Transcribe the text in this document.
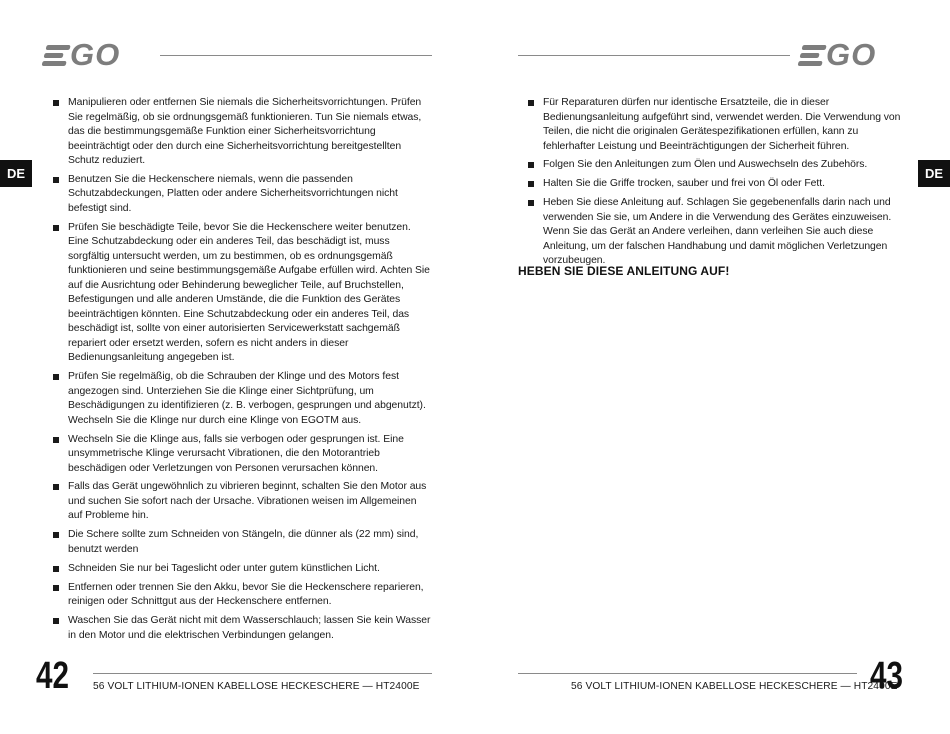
GO	GO
DE	DE
Manipulieren oder entfernen Sie niemals die Sicherheitsvorrichtungen. Prüfen Sie regelmäßig, ob sie ordnungsgemäß funktionieren. Tun Sie niemals etwas, das die bestimmungsgemäße Funktion einer Sicherheitsvorrichtung beeinträchtigt oder den durch eine Sicherheitsvorrichtung bereitgestellten Schutz reduziert.
Benutzen Sie die Heckenschere niemals, wenn die passenden Schutzabdeckungen, Platten oder andere Sicherheitsvorrichtungen nicht befestigt sind.
Prüfen Sie beschädigte Teile, bevor Sie die Heckenschere weiter benutzen. Eine Schutzabdeckung oder ein anderes Teil, das beschädigt ist, muss sorgfältig untersucht werden, um zu bestimmen, ob es ordnungsgemäß funktionieren und seine bestimmungsgemäße Aufgabe erfüllen wird. Achten Sie auf die Ausrichtung oder Behinderung beweglicher Teile, auf Bruchstellen, Befestigungen und alle anderen Umstände, die die Funktion des Gerätes beeinträchtigen könnten. Eine Schutzabdeckung oder ein anderes Teil, das beschädigt ist, sollte von einer autorisierten Servicewerkstatt sachgemäß repariert oder ersetzt werden, sofern es nicht anders in dieser Bedienungsanleitung angegeben ist.
Prüfen Sie regelmäßig, ob die Schrauben der Klinge und des Motors fest angezogen sind. Unterziehen Sie die Klinge einer Sichtprüfung, um Beschädigungen zu identifizieren (z. B. verbogen, gesprungen und abgenutzt). Wechseln Sie die Klinge nur durch eine Klinge von EGOTM aus.
Wechseln Sie die Klinge aus, falls sie verbogen oder gesprungen ist. Eine unsymmetrische Klinge verursacht Vibrationen, die den Motorantrieb beschädigen oder Verletzungen von Personen verursachen können.
Falls das Gerät ungewöhnlich zu vibrieren beginnt, schalten Sie den Motor aus und suchen Sie sofort nach der Ursache. Vibrationen weisen im Allgemeinen auf Probleme hin.
Die Schere sollte zum Schneiden von Stängeln, die dünner als (22 mm) sind, benutzt werden
Schneiden Sie nur bei Tageslicht oder unter gutem künstlichen Licht.
Entfernen oder trennen Sie den Akku, bevor Sie die Heckenschere reparieren, reinigen oder Schnittgut aus der Heckenschere entfernen.
Waschen Sie das Gerät nicht mit dem Wasserschlauch; lassen Sie kein Wasser in den Motor und die elektrischen Verbindungen gelangen.
Für Reparaturen dürfen nur identische Ersatzteile, die in dieser Bedienungsanleitung aufgeführt sind, verwendet werden. Die Verwendung von Teilen, die nicht die originalen Gerätespezifikationen erfüllen, kann zu fehlerhafter Leistung und Beeinträchtigungen der Sicherheit führen.
Folgen Sie den Anleitungen zum Ölen und Auswechseln des Zubehörs.
Halten Sie die Griffe trocken, sauber und frei von Öl oder Fett.
Heben Sie diese Anleitung auf. Schlagen Sie gegebenenfalls darin nach und verwenden Sie sie, um Andere in die Verwendung des Gerätes einzuweisen. Wenn Sie das Gerät an Andere verleihen, dann verleihen Sie auch diese Anleitung, um der falschen Handhabung und damit möglichen Verletzungen vorzubeugen.
HEBEN SIE DIESE ANLEITUNG AUF!
42 56 VOLT LITHIUM-IONEN KABELLOSE HECKESCHERE — HT2400E	56 VOLT LITHIUM-IONEN KABELLOSE HECKESCHERE — HT2400E
43
